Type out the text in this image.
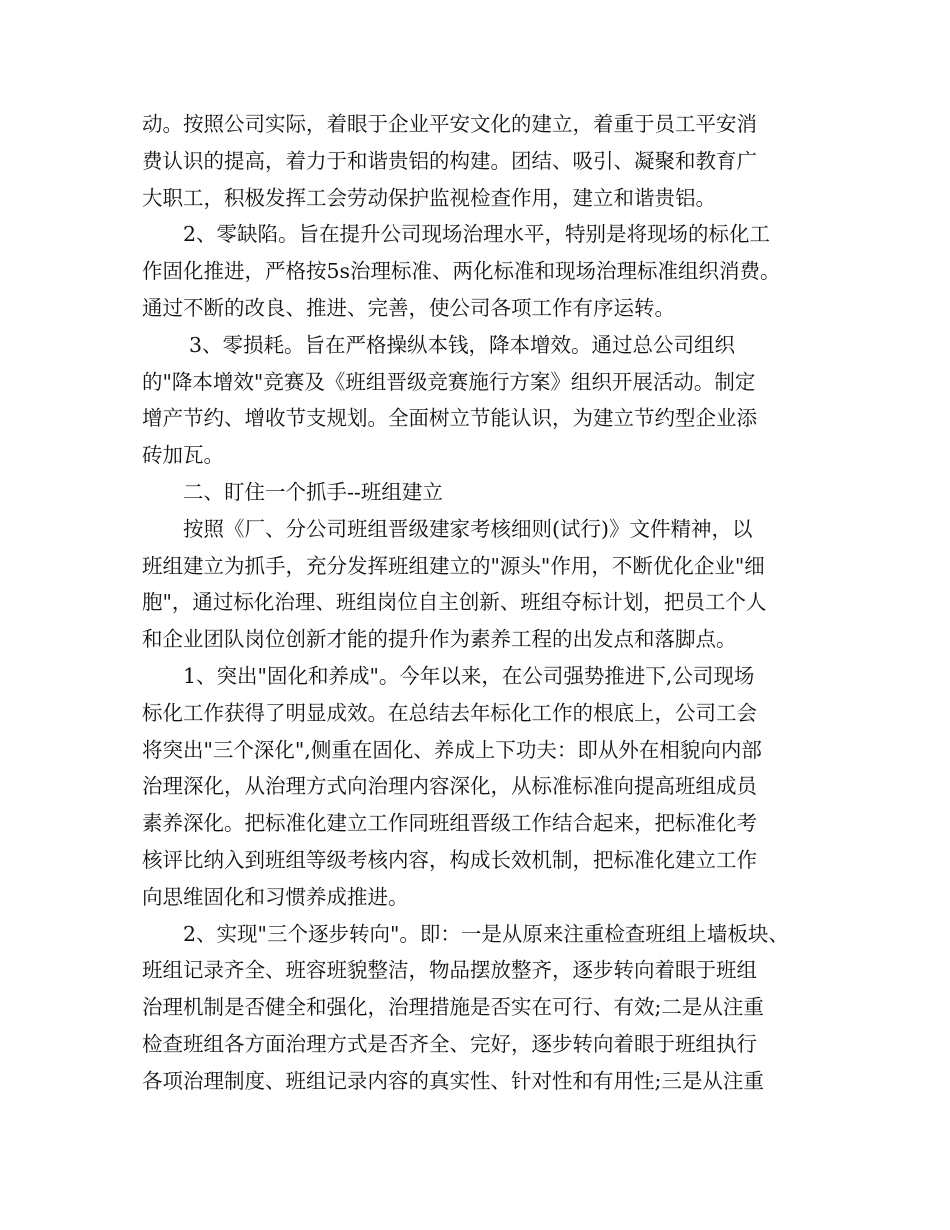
动。按照公司实际，着眼于企业平安文化的建立，着重于员工平安消
费认识的提高，着力于和谐贵铝的构建。团结、吸引、凝聚和教育广
大职工，积极发挥工会劳动保护监视检查作用，建立和谐贵铝。
2、零缺陷。旨在提升公司现场治理水平，特别是将现场的标化工
作固化推进，严格按5s治理标准、两化标准和现场治理标准组织消费。
通过不断的改良、推进、完善，使公司各项工作有序运转。
3、零损耗。旨在严格操纵本钱，降本增效。通过总公司组织
的"降本增效"竞赛及《班组晋级竞赛施行方案》组织开展活动。制定
增产节约、增收节支规划。全面树立节能认识，为建立节约型企业添
砖加瓦。
二、盯住一个抓手--班组建立
按照《厂、分公司班组晋级建家考核细则(试行)》文件精神，以
班组建立为抓手，充分发挥班组建立的"源头"作用，不断优化企业"细
胞"，通过标化治理、班组岗位自主创新、班组夺标计划，把员工个人
和企业团队岗位创新才能的提升作为素养工程的出发点和落脚点。
1、突出"固化和养成"。今年以来，在公司强势推进下,公司现场
标化工作获得了明显成效。在总结去年标化工作的根底上，公司工会
将突出"三个深化",侧重在固化、养成上下功夫：即从外在相貌向内部
治理深化，从治理方式向治理内容深化，从标准标准向提高班组成员
素养深化。把标准化建立工作同班组晋级工作结合起来，把标准化考
核评比纳入到班组等级考核内容，构成长效机制，把标准化建立工作
向思维固化和习惯养成推进。
2、实现"三个逐步转向"。即：一是从原来注重检查班组上墙板块、
班组记录齐全、班容班貌整洁，物品摆放整齐，逐步转向着眼于班组
治理机制是否健全和强化，治理措施是否实在可行、有效;二是从注重
检查班组各方面治理方式是否齐全、完好，逐步转向着眼于班组执行
各项治理制度、班组记录内容的真实性、针对性和有用性;三是从注重
